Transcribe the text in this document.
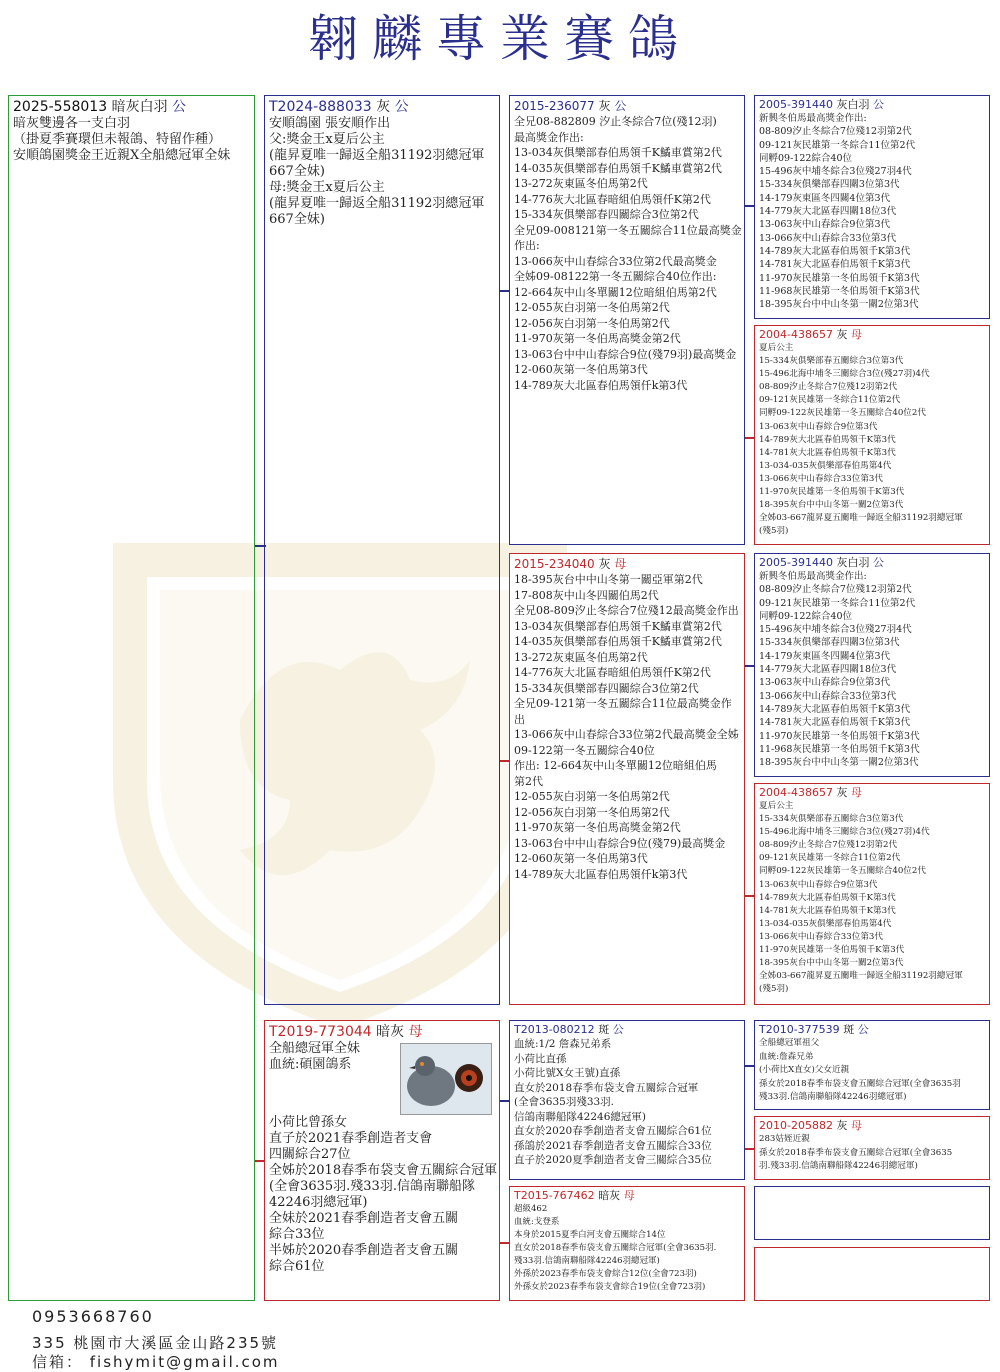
翱麟專業賽鴿
2025-558013 暗灰白羽 公
暗灰雙邊各一支白羽
（掛夏季賽環但未報鴿、特留作種）
安順鴿園獎金王近親X全船總冠軍全妹
T2024-888033 灰 公
安順鴿園 張安順作出
父:獎金王x夏后公主
(龍昇夏唯一歸返全船31192羽總冠軍
667全妹)
母:獎金王x夏后公主
(龍昇夏唯一歸返全船31192羽總冠軍
667全妹)
T2019-773044 暗灰 母
全船總冠軍全妹
血統:碩園鴿系
小荷比曾孫女
直子於2021春季創造者支會
四關綜合27位
全姊於2018春季布袋支會五關綜合冠軍
(全會3635羽.殘33羽.信鴿南聯船隊
42246羽總冠軍)
全妹於2021春季創造者支會五關
綜合33位
半姊於2020春季創造者支會五關
綜合61位
2015-236077 灰 公
全兄08-882809 汐止冬綜合7位(殘12羽)
最高獎金作出:
13-034灰俱樂部春伯馬領千K鱊車賞第2代
14-035灰俱樂部春伯馬領千K鱊車賞第2代
13-272灰東區冬伯馬第2代
14-776灰大北區春暗組伯馬領仟K第2代
15-334灰俱樂部春四關綜合3位第2代
全兄09-008121第一冬五關綜合11位最高獎金
作出:
13-066灰中山春綜合33位第2代最高獎金
全姊09-08122第一冬五關綜合40位作出:
12-664灰中山冬單關12位暗組伯馬第2代
12-055灰白羽第一冬伯馬第2代
12-056灰白羽第一冬伯馬第2代
11-970灰第一冬伯馬高獎金第2代
13-063台中中山春綜合9位(殘79羽)最高獎金
12-060灰第一冬伯馬第3代
14-789灰大北區春伯馬領仟k第3代
2015-234040 灰 母
18-395灰台中中山冬第一關亞軍第2代
17-808灰中山冬四關伯馬2代
全兄08-809汐止冬綜合7位殘12最高獎金作出
13-034灰俱樂部春伯馬領千K鱊車賞第2代
14-035灰俱樂部春伯馬領千K鱊車賞第2代
13-272灰東區冬伯馬第2代
14-776灰大北區春暗組伯馬領仟K第2代
15-334灰俱樂部春四關綜合3位第2代
全兄09-121第一冬五關綜合11位最高獎金作
出
13-066灰中山春綜合33位第2代最高獎金全姊
09-122第一冬五關綜合40位
作出: 12-664灰中山冬單關12位暗組伯馬
第2代
12-055灰白羽第一冬伯馬第2代
12-056灰白羽第一冬伯馬第2代
11-970灰第一冬伯馬高獎金第2代
13-063台中中山春綜合9位(殘79)最高獎金
12-060灰第一冬伯馬第3代
14-789灰大北區春伯馬領仟k第3代
T2013-080212 斑 公
血統:1/2 詹森兄弟系
小荷比直孫
小荷比號X女王號)直孫
直女於2018春季布袋支會五關綜合冠軍
(全會3635羽殘33羽.
信鴿南聯船隊42246總冠軍)
直女於2020春季創造者支會五關綜合61位
孫鴿於2021春季創造者支會五關綜合33位
直子於2020夏季創造者支會三關綜合35位
T2015-767462 暗灰 母
超級462
血統:戈登系
本身於2015夏季白河支會五關綜合14位
直女於2018春季布袋支會五關綜合冠軍(全會3635羽.
殘33羽.信鴿南聯船隊42246羽總冠軍)
外孫於2023春季布袋支會綜合12位(全會723羽)
外孫女於2023春季布袋支會綜合19位(全會723羽)
2005-391440 灰白羽 公
新興冬伯馬最高獎金作出:
08-809汐止冬綜合7位殘12羽第2代
09-121灰民雄第一冬綜合11位第2代
同孵09-122綜合40位
15-496灰中埔冬綜合3位殘27羽4代
15-334灰俱樂部春四關3位第3代
14-179灰東區冬四關4位第3代
14-779灰大北區春四關18位3代
13-063灰中山春綜合9位第3代
13-066灰中山春綜合33位第3代
14-789灰大北區春伯馬領千K第3代
14-781灰大北區春伯馬領千K第3代
11-970灰民雄第一冬伯馬領千K第3代
11-968灰民雄第一冬伯馬領千K第3代
18-395灰台中中山冬第一關2位第3代
2004-438657 灰 母
夏后公主
15-334灰俱樂部春五關綜合3位第3代
15-496北海中埔冬三關綜合3位(殘27羽)4代
08-809汐止冬綜合7位殘12羽第2代
09-121灰民雄第一冬綜合11位第2代
同孵09-122灰民雄第一冬五關綜合40位2代
13-063灰中山春綜合9位第3代
14-789灰大北區春伯馬領千K第3代
14-781灰大北區春伯馬領千K第3代
13-034-035灰俱樂部春伯馬第4代
13-066灰中山春綜合33位第3代
11-970灰民雄第一冬伯馬領千K第3代
18-395灰台中中山冬第一關2位第3代
全姊03-667龍昇夏五關唯一歸返全船31192羽總冠軍
(殘5羽)
2005-391440 灰白羽 公
新興冬伯馬最高獎金作出:
08-809汐止冬綜合7位殘12羽第2代
09-121灰民雄第一冬綜合11位第2代
同孵09-122綜合40位
15-496灰中埔冬綜合3位殘27羽4代
15-334灰俱樂部春四關3位第3代
14-179灰東區冬四關4位第3代
14-779灰大北區春四關18位3代
13-063灰中山春綜合9位第3代
13-066灰中山春綜合33位第3代
14-789灰大北區春伯馬領千K第3代
14-781灰大北區春伯馬領千K第3代
11-970灰民雄第一冬伯馬領千K第3代
11-968灰民雄第一冬伯馬領千K第3代
18-395灰台中中山冬第一關2位第3代
2004-438657 灰 母
夏后公主
15-334灰俱樂部春五關綜合3位第3代
15-496北海中埔冬三關綜合3位(殘27羽)4代
08-809汐止冬綜合7位殘12羽第2代
09-121灰民雄第一冬綜合11位第2代
同孵09-122灰民雄第一冬五關綜合40位2代
13-063灰中山春綜合9位第3代
14-789灰大北區春伯馬領千K第3代
14-781灰大北區春伯馬領千K第3代
13-034-035灰俱樂部春伯馬第4代
13-066灰中山春綜合33位第3代
11-970灰民雄第一冬伯馬領千K第3代
18-395灰台中中山冬第一關2位第3代
全姊03-667龍昇夏五關唯一歸返全船31192羽總冠軍
(殘5羽)
T2010-377539 斑 公
全船總冠軍祖父
血統:詹森兄弟
(小荷比X直女)父女近親
孫女於2018春季布袋支會五關綜合冠軍(全會3635羽
殘33羽.信鴿南聯船隊42246羽總冠軍)
2010-205882 灰 母
283姑姪近親
孫女於2018春季布袋支會五關綜合冠軍(全會3635
羽.殘33羽.信鴿南聯船隊42246羽總冠軍)
0953668760
335 桃園市大溪區金山路235號
信箱： fishymit@gmail.com
